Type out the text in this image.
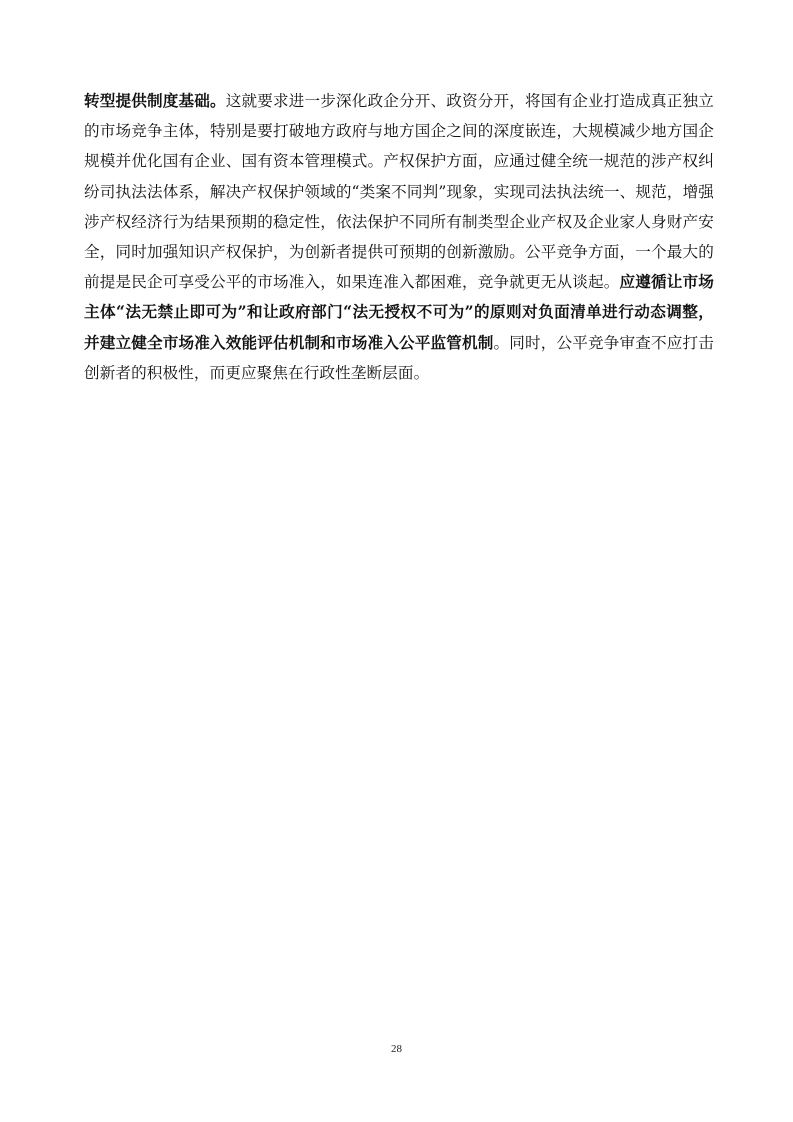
转型提供制度基础。这就要求进一步深化政企分开、政资分开，将国有企业打造成真正独立的市场竞争主体，特别是要打破地方政府与地方国企之间的深度嵌连，大规模减少地方国企规模并优化国有企业、国有资本管理模式。产权保护方面，应通过健全统一规范的涉产权纠纷司执法法体系，解决产权保护领域的“类案不同判”现象，实现司法执法统一、规范，增强涉产权经济行为结果预期的稳定性，依法保护不同所有制类型企业产权及企业家人身财产安全，同时加强知识产权保护，为创新者提供可预期的创新激励。公平竞争方面，一个最大的前提是民企可享受公平的市场准入，如果连准入都困难，竞争就更无从谈起。应遵循让市场主体“法无禁止即可为”和让政府部门“法无授权不可为”的原则对负面清单进行动态调整，并建立健全市场准入效能评估机制和市场准入公平监管机制。同时，公平竞争审查不应打击创新者的积极性，而更应聚焦在行政性垄断层面。

28
